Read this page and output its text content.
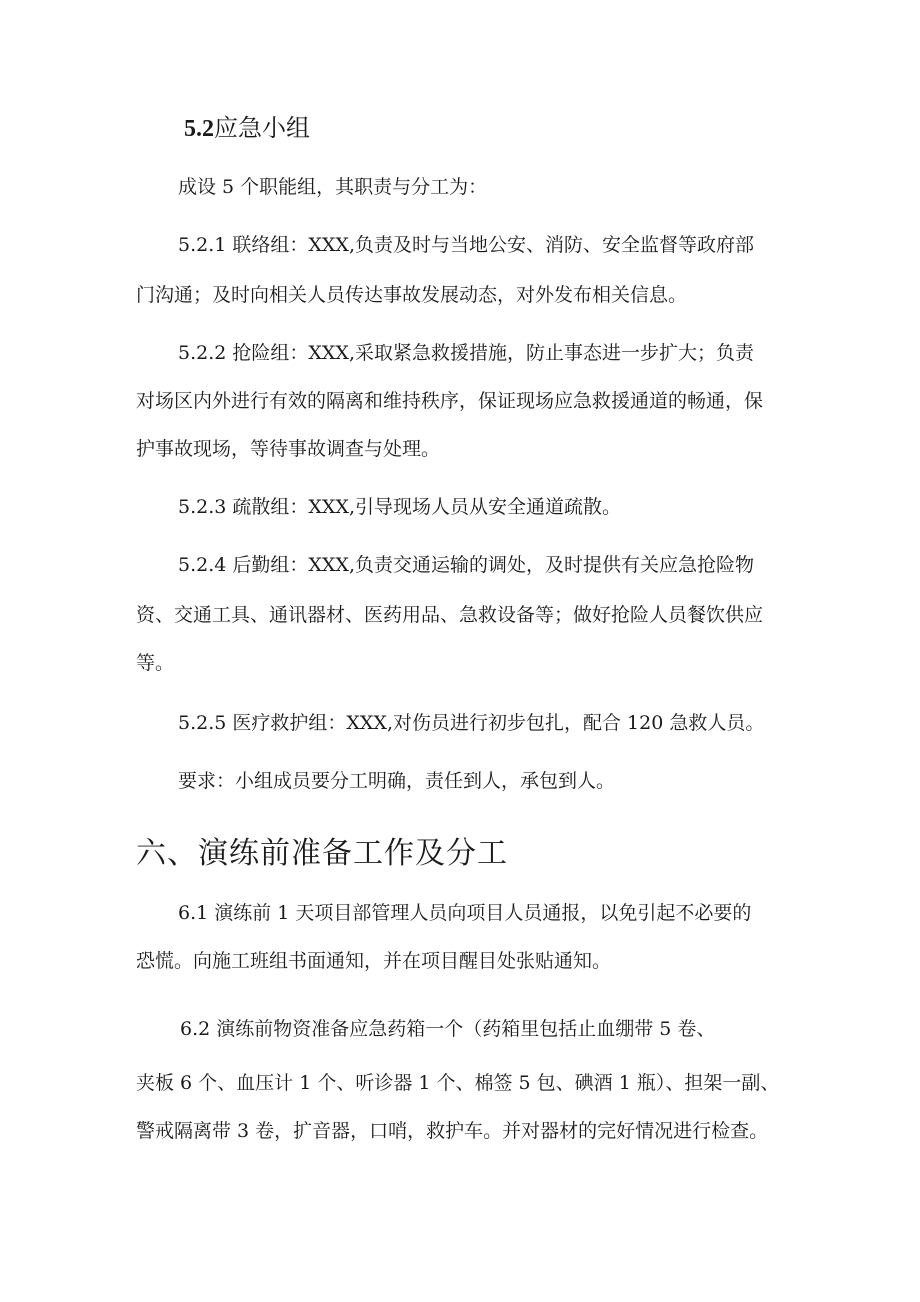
5.2应急小组
成设 5 个职能组，其职责与分工为：
5.2.1 联络组：XXX,负责及时与当地公安、消防、安全监督等政府部
门沟通；及时向相关人员传达事故发展动态，对外发布相关信息。
5.2.2 抢险组：XXX,采取紧急救援措施，防止事态进一步扩大；负责
对场区内外进行有效的隔离和维持秩序，保证现场应急救援通道的畅通，保
护事故现场，等待事故调查与处理。
5.2.3 疏散组：XXX,引导现场人员从安全通道疏散。
5.2.4 后勤组：XXX,负责交通运输的调处，及时提供有关应急抢险物
资、交通工具、通讯器材、医药用品、急救设备等；做好抢险人员餐饮供应
等。
5.2.5 医疗救护组：XXX,对伤员进行初步包扎，配合 120 急救人员。
要求：小组成员要分工明确，责任到人，承包到人。
六、演练前准备工作及分工
6.1 演练前 1 天项目部管理人员向项目人员通报，以免引起不必要的
恐慌。向施工班组书面通知，并在项目醒目处张贴通知。
6.2 演练前物资准备应急药箱一个（药箱里包括止血绷带 5 卷、
夹板 6 个、血压计 1 个、听诊器 1 个、棉签 5 包、碘酒 1 瓶）、担架一副、
警戒隔离带 3 卷，扩音器，口哨，救护车。并对器材的完好情况进行检查。
